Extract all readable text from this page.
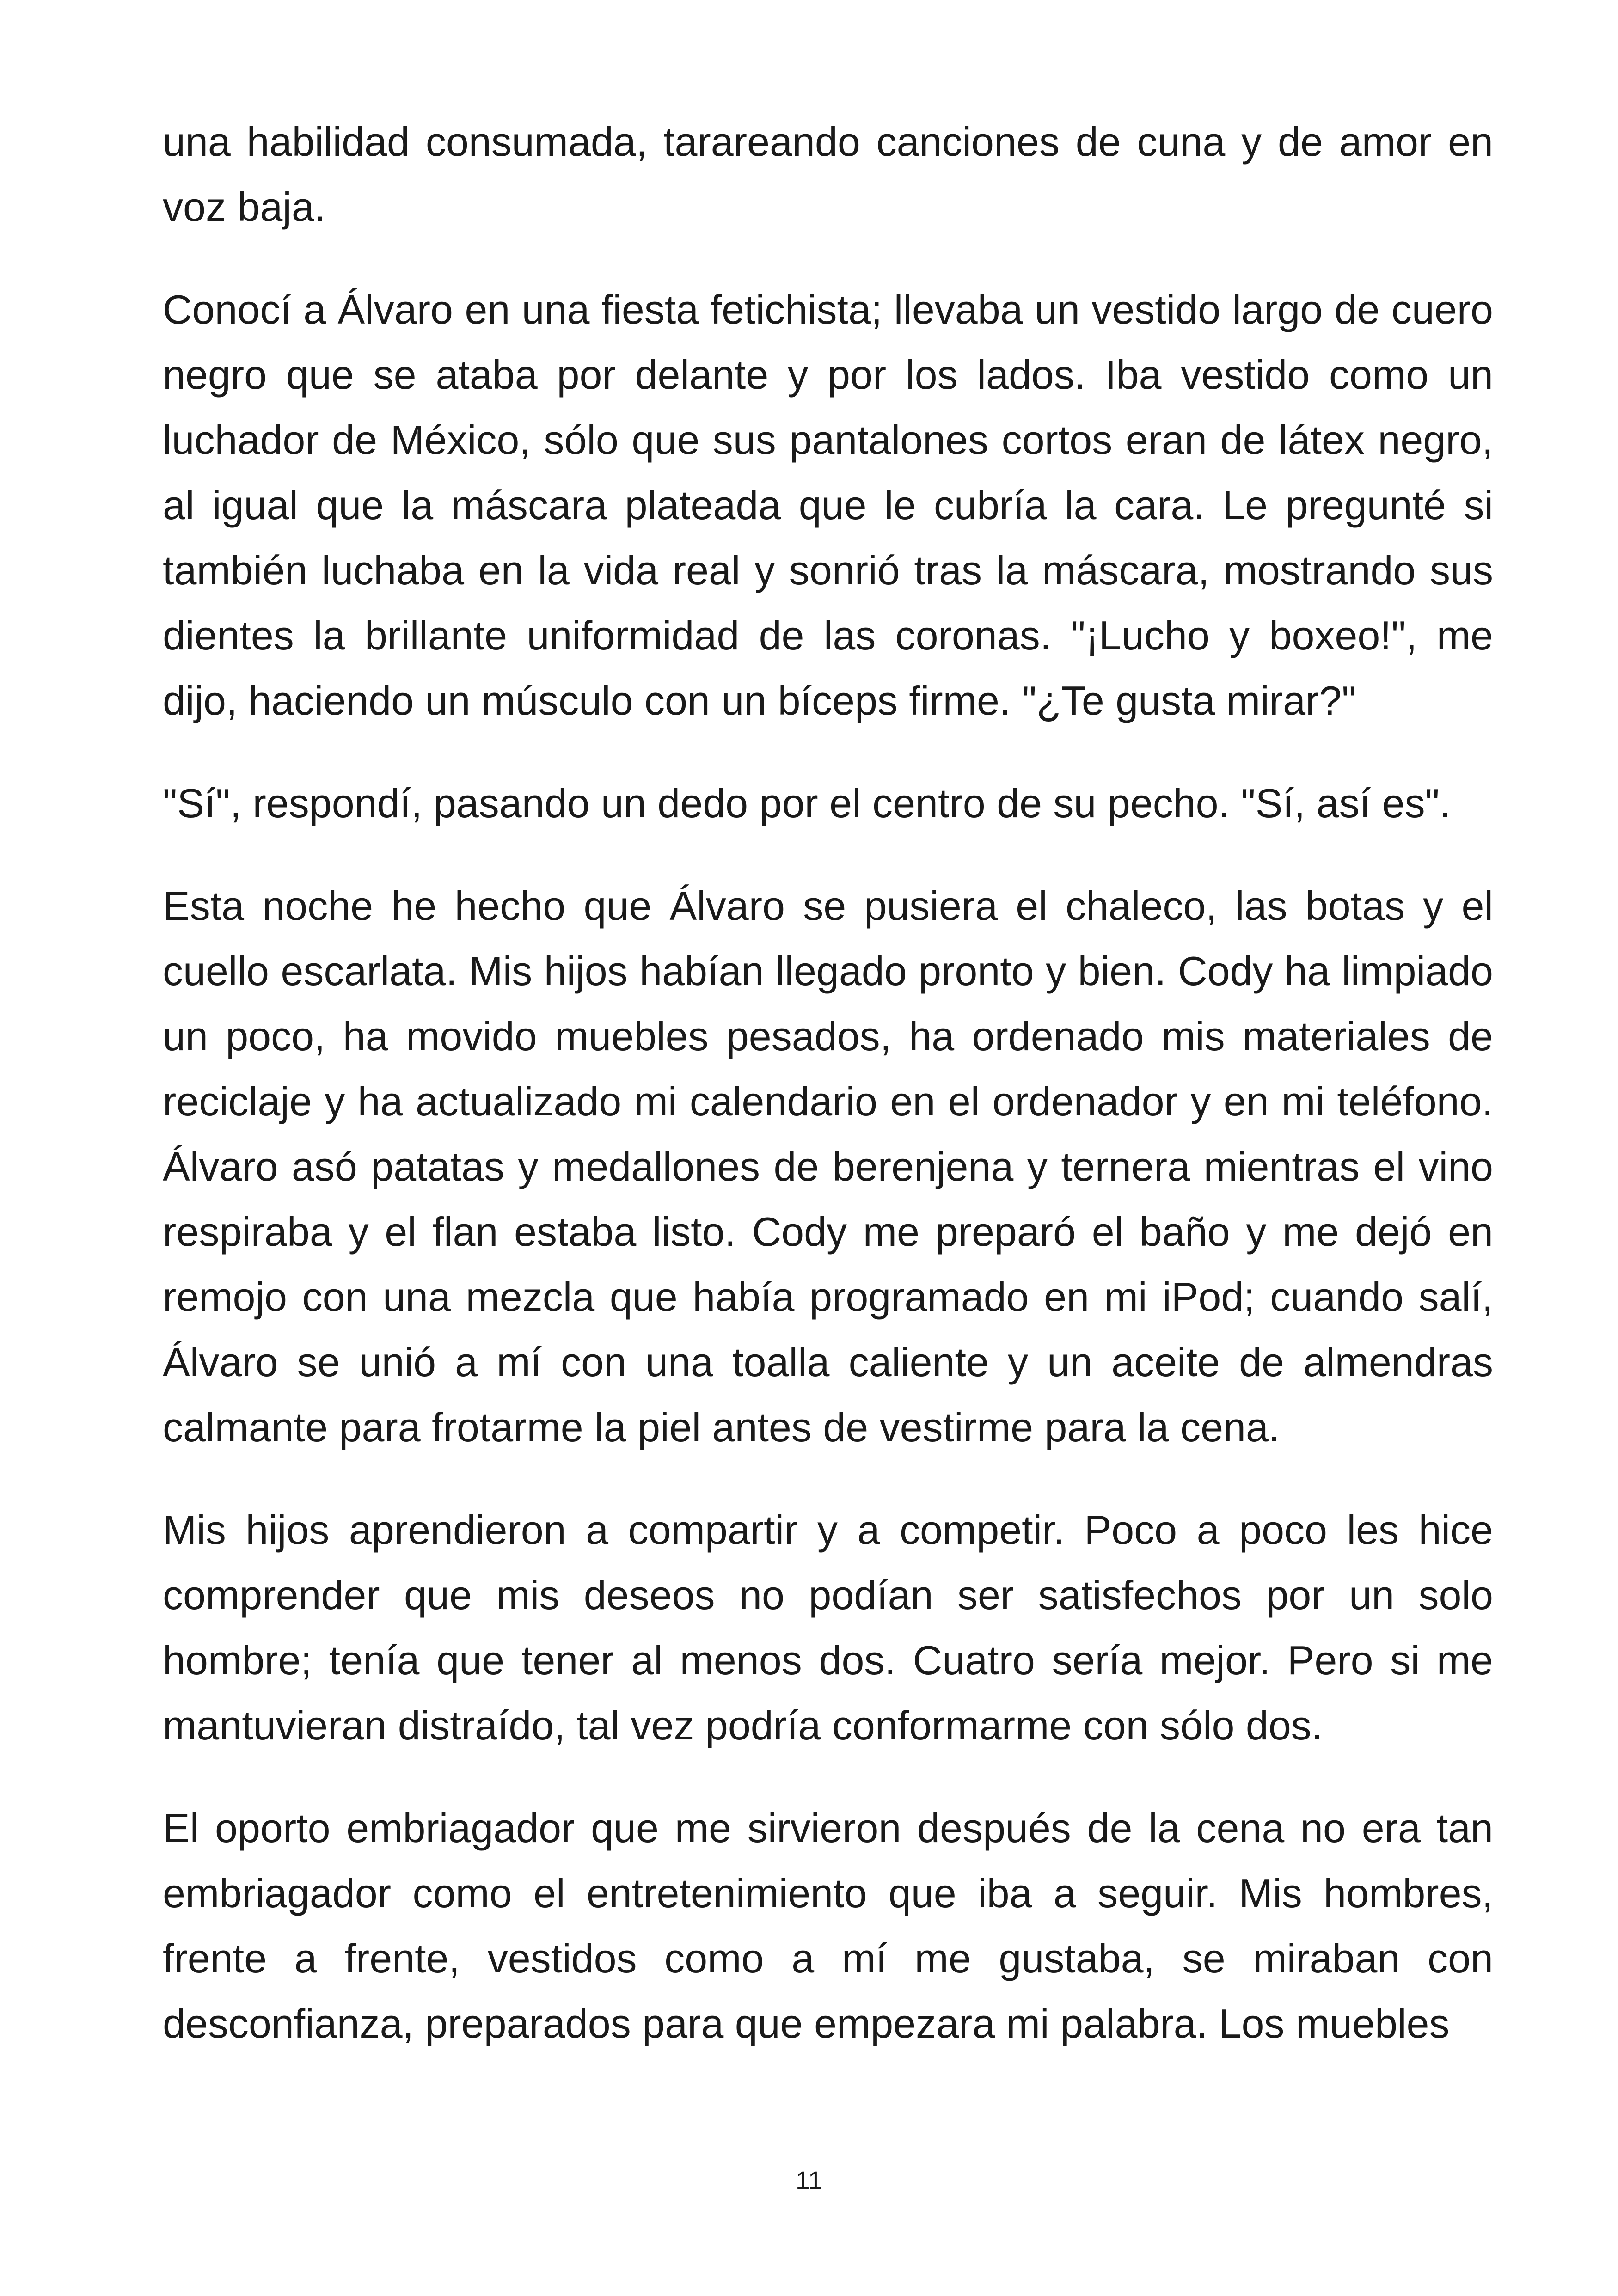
una habilidad consumada, tarareando canciones de cuna y de amor en voz baja.

Conocí a Álvaro en una fiesta fetichista; llevaba un vestido largo de cuero negro que se ataba por delante y por los lados. Iba vestido como un luchador de México, sólo que sus pantalones cortos eran de látex negro, al igual que la máscara plateada que le cubría la cara. Le pregunté si también luchaba en la vida real y sonrió tras la máscara, mostrando sus dientes la brillante uniformidad de las coronas. "¡Lucho y boxeo!", me dijo, haciendo un músculo con un bíceps firme. "¿Te gusta mirar?"

"Sí", respondí, pasando un dedo por el centro de su pecho. "Sí, así es".

Esta noche he hecho que Álvaro se pusiera el chaleco, las botas y el cuello escarlata. Mis hijos habían llegado pronto y bien. Cody ha limpiado un poco, ha movido muebles pesados, ha ordenado mis materiales de reciclaje y ha actualizado mi calendario en el ordenador y en mi teléfono. Álvaro asó patatas y medallones de berenjena y ternera mientras el vino respiraba y el flan estaba listo. Cody me preparó el baño y me dejó en remojo con una mezcla que había programado en mi iPod; cuando salí, Álvaro se unió a mí con una toalla caliente y un aceite de almendras calmante para frotarme la piel antes de vestirme para la cena.

Mis hijos aprendieron a compartir y a competir. Poco a poco les hice comprender que mis deseos no podían ser satisfechos por un solo hombre; tenía que tener al menos dos. Cuatro sería mejor. Pero si me mantuvieran distraído, tal vez podría conformarme con sólo dos.

El oporto embriagador que me sirvieron después de la cena no era tan embriagador como el entretenimiento que iba a seguir. Mis hombres, frente a frente, vestidos como a mí me gustaba, se miraban con desconfianza, preparados para que empezara mi palabra. Los muebles

11
